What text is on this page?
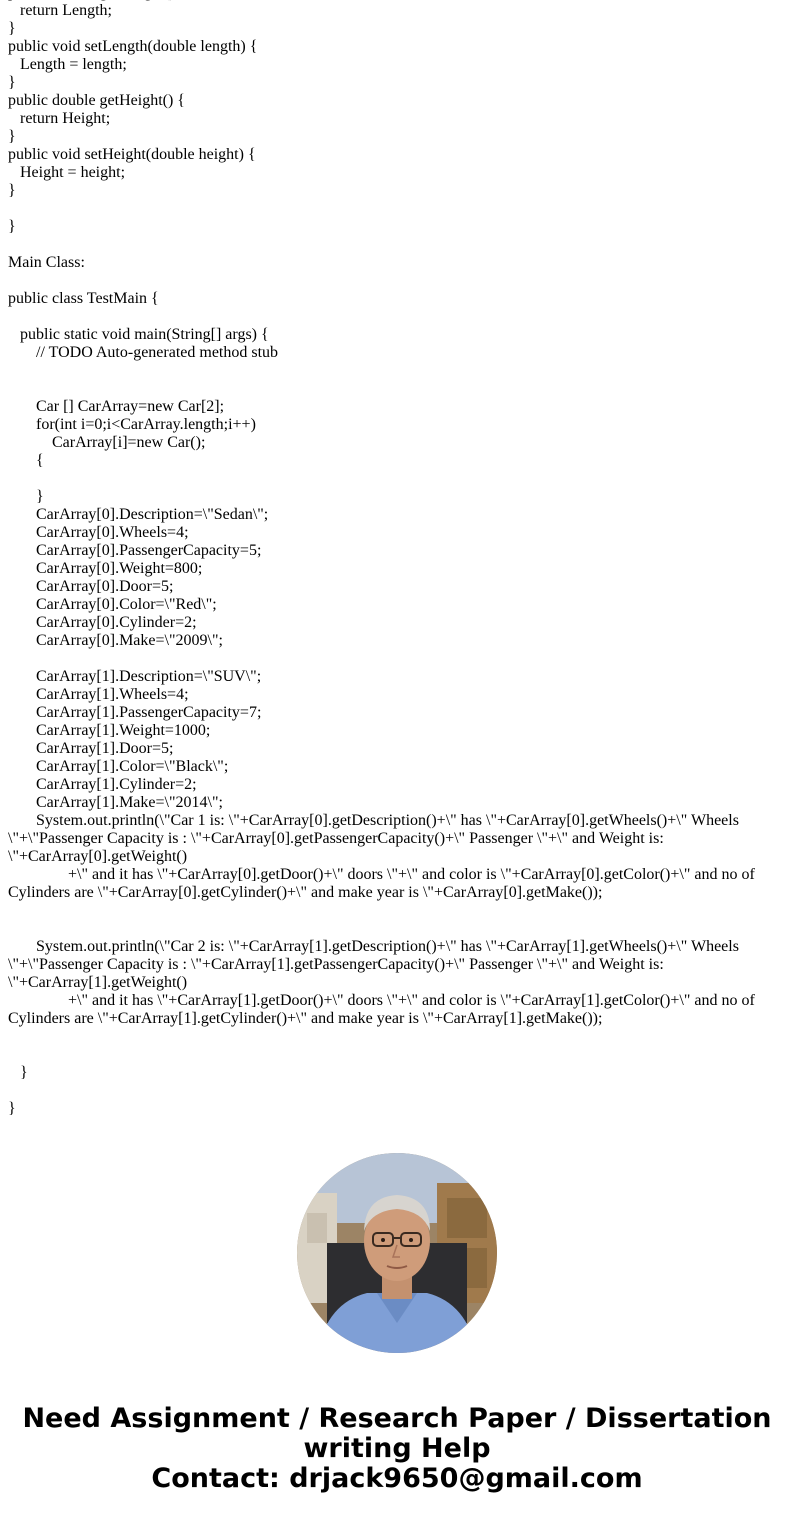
return Length;
}
public void setLength(double length) {
Length = length;
}
public double getHeight() {
return Height;
}
public void setHeight(double height) {
Height = height;
}
}
Main Class:
public class TestMain {
public static void main(String[] args) {
// TODO Auto-generated method stub
Car [] CarArray=new Car[2];
for(int i=0;i<CarArray.length;i++)
CarArray[i]=new Car();
{
}
CarArray[0].Description=\"Sedan\";
CarArray[0].Wheels=4;
CarArray[0].PassengerCapacity=5;
CarArray[0].Weight=800;
CarArray[0].Door=5;
CarArray[0].Color=\"Red\";
CarArray[0].Cylinder=2;
CarArray[0].Make=\"2009\";
CarArray[1].Description=\"SUV\";
CarArray[1].Wheels=4;
CarArray[1].PassengerCapacity=7;
CarArray[1].Weight=1000;
CarArray[1].Door=5;
CarArray[1].Color=\"Black\";
CarArray[1].Cylinder=2;
CarArray[1].Make=\"2014\";
System.out.println(\"Car 1 is: \"+CarArray[0].getDescription()+\" has \"+CarArray[0].getWheels()+\" Wheels
\"+\"Passenger Capacity is : \"+CarArray[0].getPassengerCapacity()+\" Passenger \"+\" and Weight is:
\"+CarArray[0].getWeight()
+\" and it has \"+CarArray[0].getDoor()+\" doors \"+\" and color is \"+CarArray[0].getColor()+\" and no of
Cylinders are \"+CarArray[0].getCylinder()+\" and make year is \"+CarArray[0].getMake());
System.out.println(\"Car 2 is: \"+CarArray[1].getDescription()+\" has \"+CarArray[1].getWheels()+\" Wheels
\"+\"Passenger Capacity is : \"+CarArray[1].getPassengerCapacity()+\" Passenger \"+\" and Weight is:
\"+CarArray[1].getWeight()
+\" and it has \"+CarArray[1].getDoor()+\" doors \"+\" and color is \"+CarArray[1].getColor()+\" and no of
Cylinders are \"+CarArray[1].getCylinder()+\" and make year is \"+CarArray[1].getMake());
}
}
Need Assignment / Research Paper / Dissertation
writing Help
Contact: drjack9650@gmail.com
